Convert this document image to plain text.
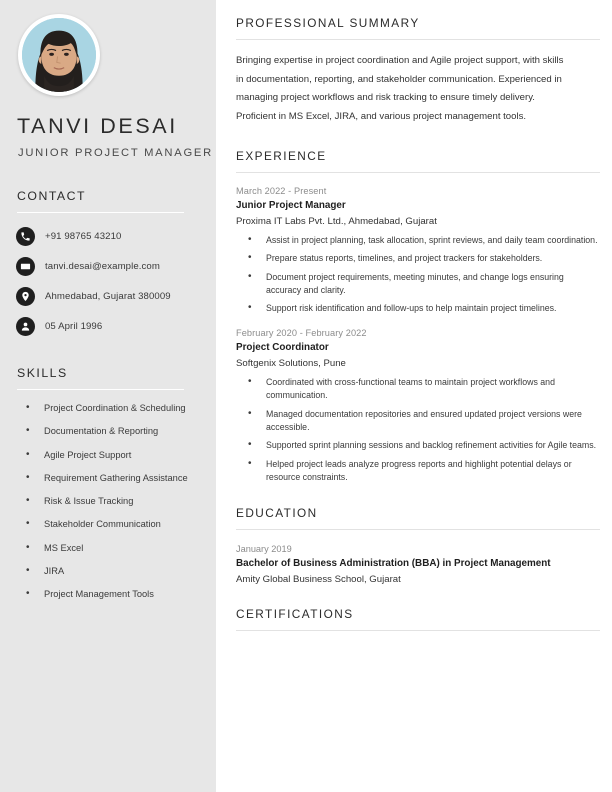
TANVI DESAI
JUNIOR PROJECT MANAGER
CONTACT
+91 98765 43210
tanvi.desai@example.com
Ahmedabad, Gujarat 380009
05 April 1996
SKILLS
• Project Coordination & Scheduling
• Documentation & Reporting
• Agile Project Support
• Requirement Gathering Assistance
• Risk & Issue Tracking
• Stakeholder Communication
• MS Excel
• JIRA
• Project Management Tools
PROFESSIONAL SUMMARY

Bringing expertise in project coordination and Agile project support, with skills in documentation, reporting, and stakeholder communication. Experienced in managing project workflows and risk tracking to ensure timely delivery. Proficient in MS Excel, JIRA, and various project management tools.

EXPERIENCE
March 2022 - Present
Junior Project Manager
Proxima IT Labs Pvt. Ltd., Ahmedabad, Gujarat
• Assist in project planning, task allocation, sprint reviews, and daily team coordination.
• Prepare status reports, timelines, and project trackers for stakeholders.
• Document project requirements, meeting minutes, and change logs ensuring accuracy and clarity.
• Support risk identification and follow-ups to help maintain project timelines.
February 2020 - February 2022
Project Coordinator
Softgenix Solutions, Pune
• Coordinated with cross-functional teams to maintain project workflows and communication.
• Managed documentation repositories and ensured updated project versions were accessible.
• Supported sprint planning sessions and backlog refinement activities for Agile teams.
• Helped project leads analyze progress reports and highlight potential delays or resource constraints.
EDUCATION
January 2019
Bachelor of Business Administration (BBA) in Project Management
Amity Global Business School, Gujarat
CERTIFICATIONS
